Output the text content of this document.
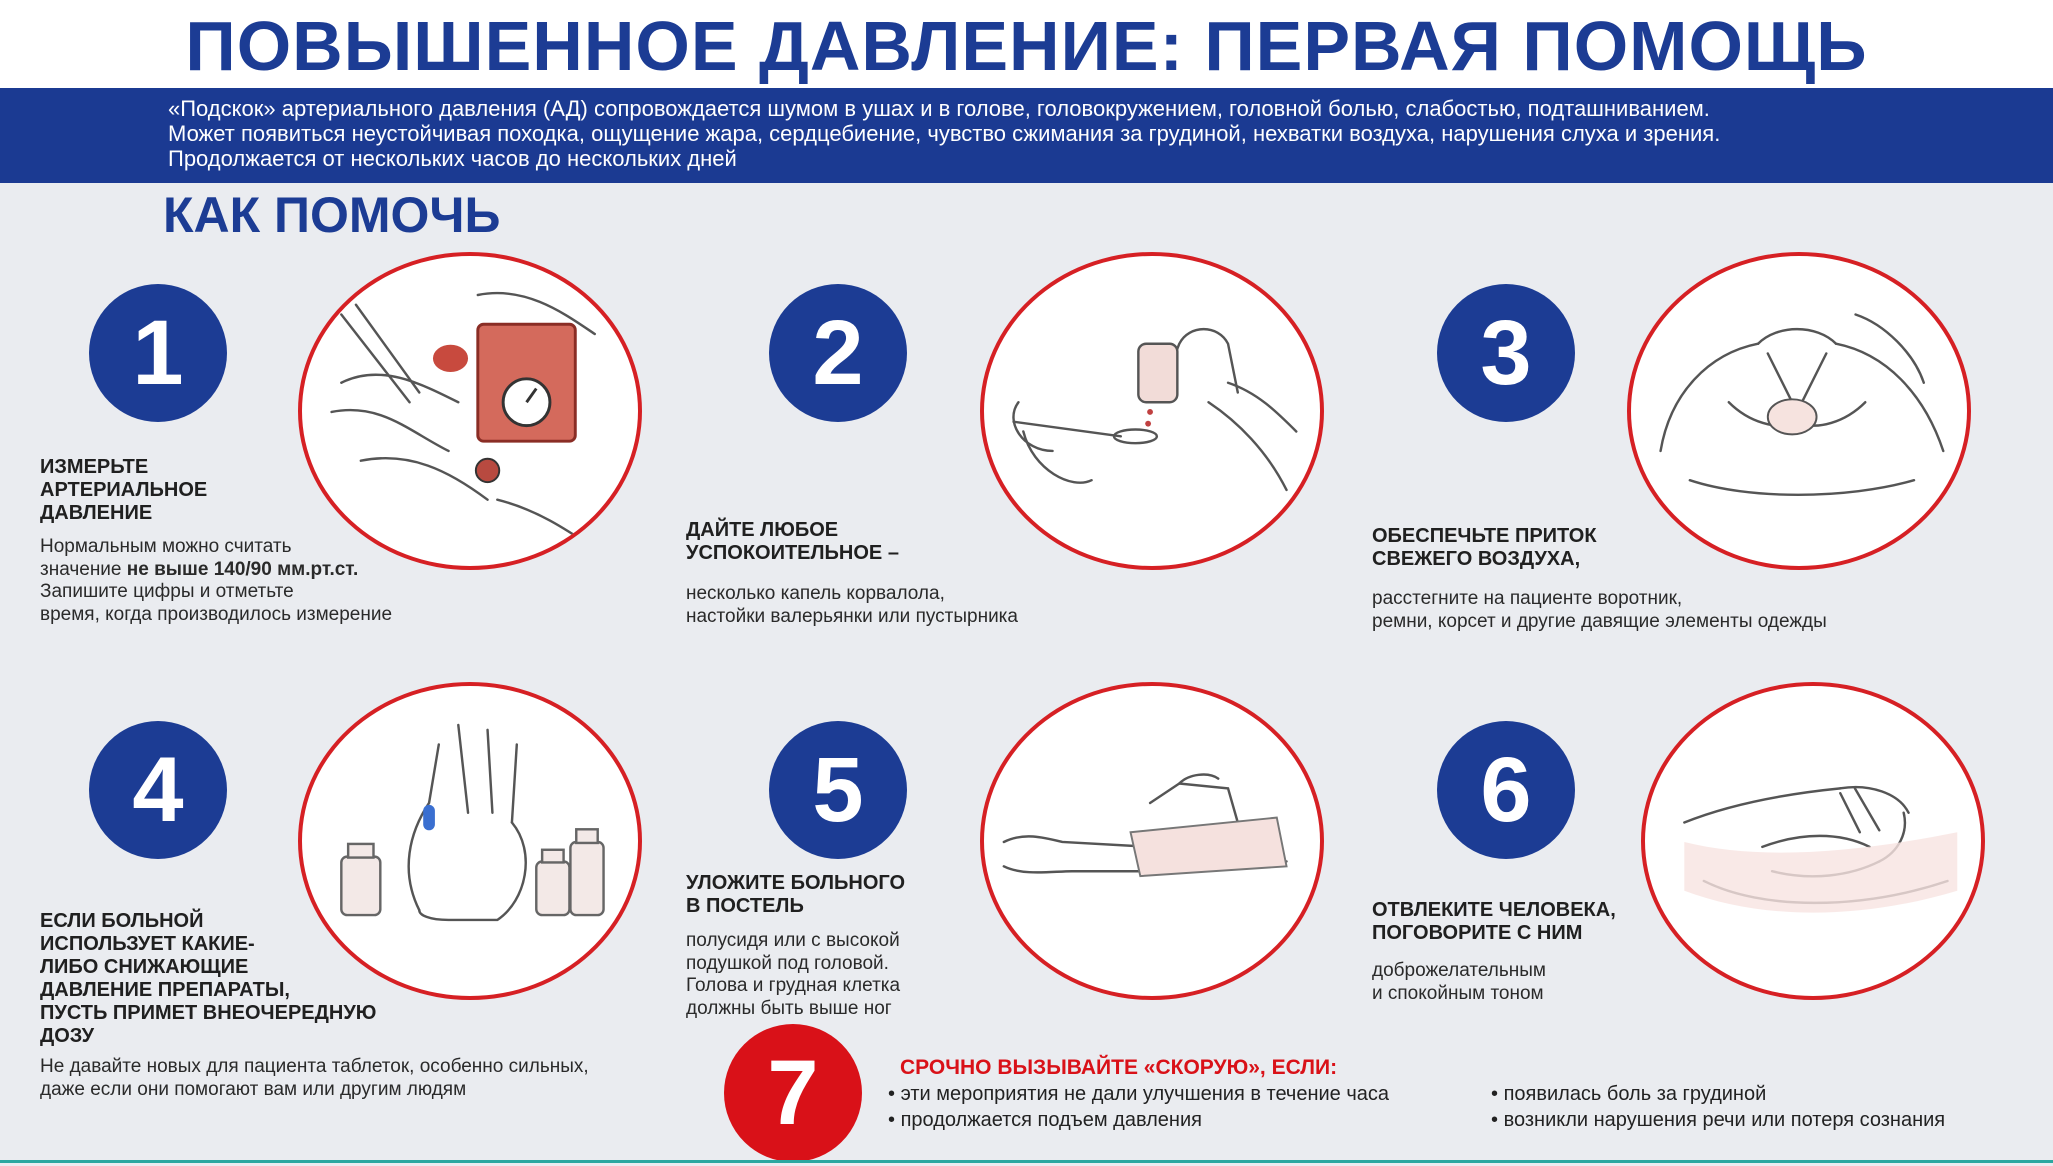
ПОВЫШЕННОЕ ДАВЛЕНИЕ: ПЕРВАЯ ПОМОЩЬ
«Подскок» артериального давления (АД) сопровождается шумом в ушах и в голове, головокружением, головной болью, слабостью, подташниванием.
Может появиться неустойчивая походка, ощущение жара, сердцебиение, чувство сжимания за грудиной, нехватки воздуха, нарушения слуха и зрения.
Продолжается от нескольких часов до нескольких дней
КАК ПОМОЧЬ
1
ИЗМЕРЬТЕ
АРТЕРИАЛЬНОЕ
ДАВЛЕНИЕ
Нормальным можно считать
значение не выше 140/90 мм.рт.ст.
Запишите цифры и отметьте
время, когда производилось измерение
2
ДАЙТЕ ЛЮБОЕ
УСПОКОИТЕЛЬНОЕ –
несколько капель корвалола,
настойки валерьянки или пустырника
3
ОБЕСПЕЧЬТЕ ПРИТОК
СВЕЖЕГО ВОЗДУХА,
расстегните на пациенте воротник,
ремни, корсет и другие давящие элементы одежды
4
ЕСЛИ БОЛЬНОЙ
ИСПОЛЬЗУЕТ КАКИЕ-
ЛИБО СНИЖАЮЩИЕ
ДАВЛЕНИЕ ПРЕПАРАТЫ,
ПУСТЬ ПРИМЕТ ВНЕОЧЕРЕДНУЮ
ДОЗУ
Не давайте новых для пациента таблеток, особенно сильных,
даже если они помогают вам или другим людям
5
УЛОЖИТЕ БОЛЬНОГО
В ПОСТЕЛЬ
полусидя или с высокой
подушкой под головой.
Голова и грудная клетка
должны быть выше ног
6
ОТВЛЕКИТЕ ЧЕЛОВЕКА,
ПОГОВОРИТЕ С НИМ
доброжелательным
и спокойным тоном
7	СРОЧНО ВЫЗЫВАЙТЕ «СКОРУЮ», ЕСЛИ:
• эти мероприятия не дали улучшения в течение часа
• продолжается подъем давления
• появилась боль за грудиной
• возникли нарушения речи или потеря сознания
